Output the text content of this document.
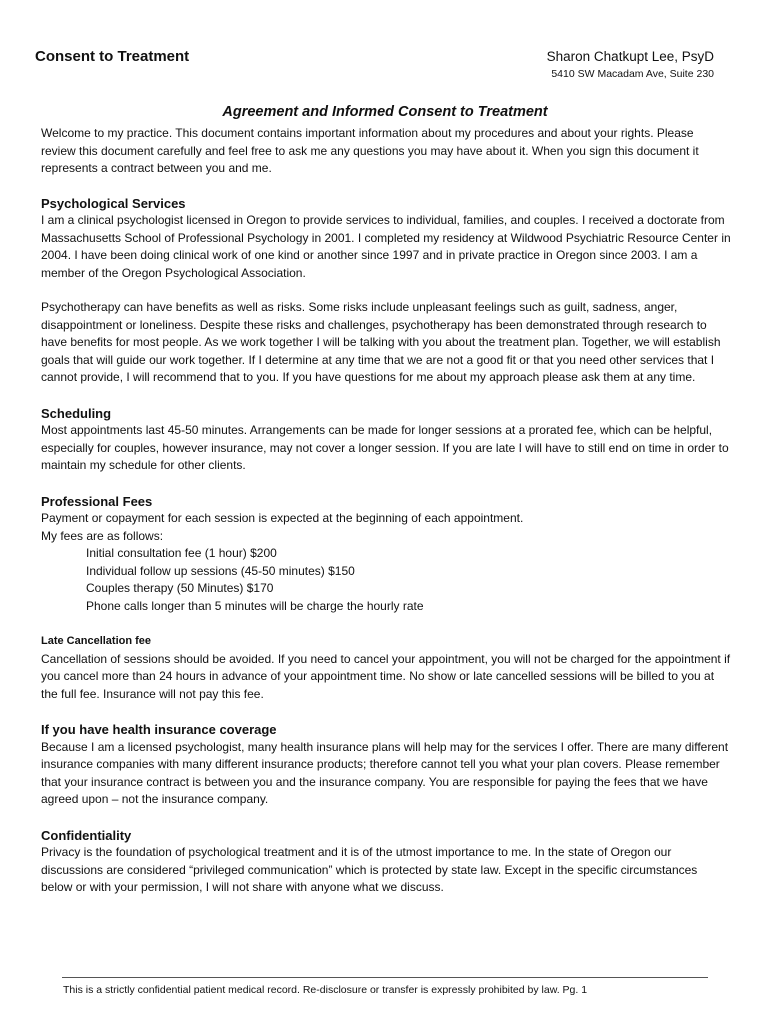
Consent to Treatment	Sharon Chatkupt Lee, PsyD
5410 SW Macadam Ave, Suite 230
Agreement and Informed Consent to Treatment

Welcome to my practice. This document contains important information about my procedures and about your rights. Please review this document carefully and feel free to ask me any questions you may have about it. When you sign this document it represents a contract between you and me.

Psychological Services

I am a clinical psychologist licensed in Oregon to provide services to individual, families, and couples. I received a doctorate from Massachusetts School of Professional Psychology in 2001. I completed my residency at Wildwood Psychiatric Resource Center in 2004. I have been doing clinical work of one kind or another since 1997 and in private practice in Oregon since 2003. I am a member of the Oregon Psychological Association.

Psychotherapy can have benefits as well as risks. Some risks include unpleasant feelings such as guilt, sadness, anger, disappointment or loneliness. Despite these risks and challenges, psychotherapy has been demonstrated through research to have benefits for most people. As we work together I will be talking with you about the treatment plan. Together, we will establish goals that will guide our work together. If I determine at any time that we are not a good fit or that you need other services that I cannot provide, I will recommend that to you. If you have questions for me about my approach please ask them at any time.

Scheduling

Most appointments last 45-50 minutes. Arrangements can be made for longer sessions at a prorated fee, which can be helpful, especially for couples, however insurance, may not cover a longer session. If you are late I will have to still end on time in order to maintain my schedule for other clients.

Professional Fees

Payment or copayment for each session is expected at the beginning of each appointment.

My fees are as follows:

Initial consultation fee (1 hour) $200
Individual follow up sessions (45-50 minutes) $150
Couples therapy (50 Minutes) $170
Phone calls longer than 5 minutes will be charge the hourly rate

Late Cancellation fee

Cancellation of sessions should be avoided. If you need to cancel your appointment, you will not be charged for the appointment if you cancel more than 24 hours in advance of your appointment time. No show or late cancelled sessions will be billed to you at the full fee. Insurance will not pay this fee.

If you have health insurance coverage

Because I am a licensed psychologist, many health insurance plans will help may for the services I offer. There are many different insurance companies with many different insurance products; therefore cannot tell you what your plan covers. Please remember that your insurance contract is between you and the insurance company. You are responsible for paying the fees that we have agreed upon – not the insurance company.

Confidentiality

Privacy is the foundation of psychological treatment and it is of the utmost importance to me. In the state of Oregon our discussions are considered “privileged communication” which is protected by state law. Except in the specific circumstances below or with your permission, I will not share with anyone what we discuss.

This is a strictly confidential patient medical record. Re-disclosure or transfer is expressly prohibited by law. Pg. 1
